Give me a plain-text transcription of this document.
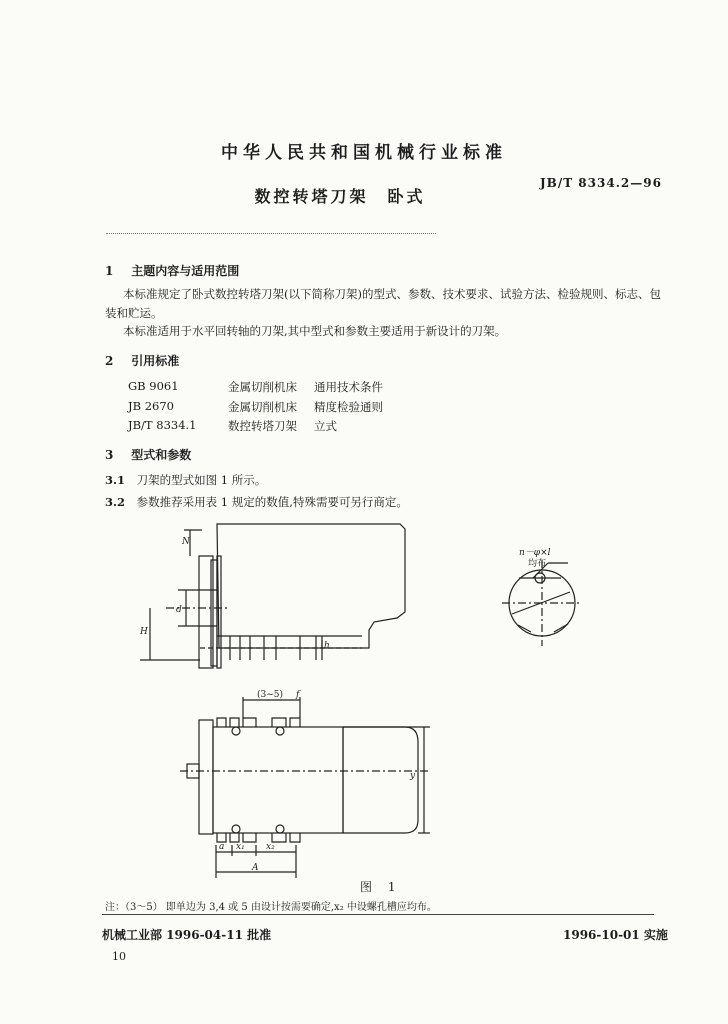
中华人民共和国机械行业标准
JB/T 8334.2—96
数控转塔刀架　卧式
1 主题内容与适用范围
本标准规定了卧式数控转塔刀架(以下简称刀架)的型式、参数、技术要求、试验方法、检验规则、标志、包装和贮运。
本标准适用于水平回转轴的刀架,其中型式和参数主要适用于新设计的刀架。
2 引用标准
GB 9061	金属切削机床 通用技术条件
JB 2670	金属切削机床 精度检验通则
JB/T 8334.1	数控转塔刀架 立式
3 型式和参数
3.1 刀架的型式如图 1 所示。
3.2 参数推荐采用表 1 规定的数值,特殊需要可另行商定。
N
d
H
h
(3~5) f
y
a x₁ x₂
A
n－φ×l
均布
图 1
注：（3～5） 即单边为 3,4 或 5 由设计按需要确定,x₂ 中设螺孔槽应均布。
机械工业部 1996-04-11 批准	1996-10-01 实施
10
